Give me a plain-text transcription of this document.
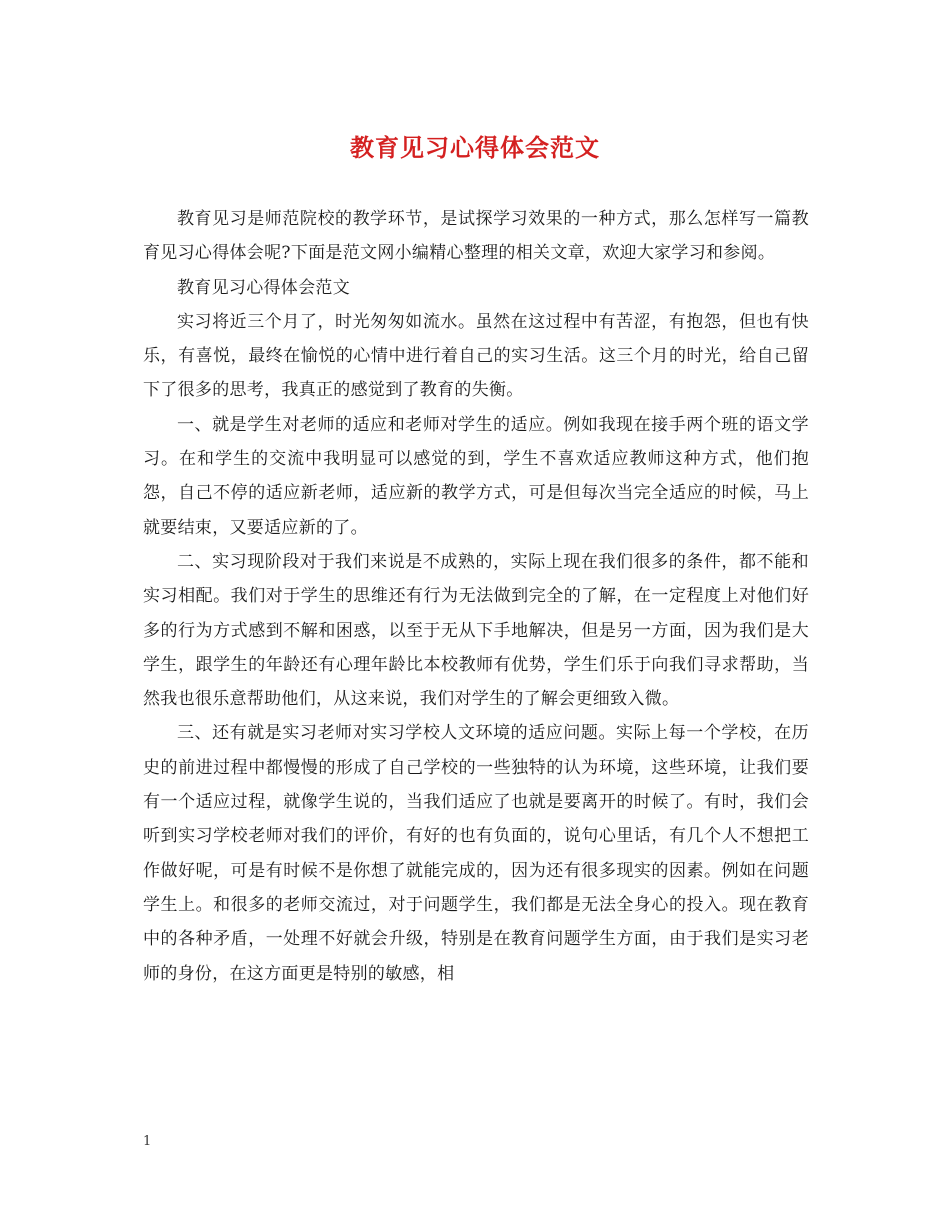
教育见习心得体会范文

教育见习是师范院校的教学环节，是试探学习效果的一种方式，那么怎样写一篇教育见习心得体会呢?下面是范文网小编精心整理的相关文章，欢迎大家学习和参阅。

教育见习心得体会范文

实习将近三个月了，时光匆匆如流水。虽然在这过程中有苦涩，有抱怨，但也有快乐，有喜悦，最终在愉悦的心情中进行着自己的实习生活。这三个月的时光，给自己留下了很多的思考，我真正的感觉到了教育的失衡。

一、就是学生对老师的适应和老师对学生的适应。例如我现在接手两个班的语文学习。在和学生的交流中我明显可以感觉的到，学生不喜欢适应教师这种方式，他们抱怨，自己不停的适应新老师，适应新的教学方式，可是但每次当完全适应的时候，马上就要结束，又要适应新的了。

二、实习现阶段对于我们来说是不成熟的，实际上现在我们很多的条件，都不能和实习相配。我们对于学生的思维还有行为无法做到完全的了解，在一定程度上对他们好多的行为方式感到不解和困惑，以至于无从下手地解决，但是另一方面，因为我们是大学生，跟学生的年龄还有心理年龄比本校教师有优势，学生们乐于向我们寻求帮助，当然我也很乐意帮助他们，从这来说，我们对学生的了解会更细致入微。

三、还有就是实习老师对实习学校人文环境的适应问题。实际上每一个学校，在历史的前进过程中都慢慢的形成了自己学校的一些独特的认为环境，这些环境，让我们要有一个适应过程，就像学生说的，当我们适应了也就是要离开的时候了。有时，我们会听到实习学校老师对我们的评价，有好的也有负面的，说句心里话，有几个人不想把工作做好呢，可是有时候不是你想了就能完成的，因为还有很多现实的因素。例如在问题学生上。和很多的老师交流过，对于问题学生，我们都是无法全身心的投入。现在教育中的各种矛盾，一处理不好就会升级，特别是在教育问题学生方面，由于我们是实习老师的身份，在这方面更是特别的敏感，相

1
